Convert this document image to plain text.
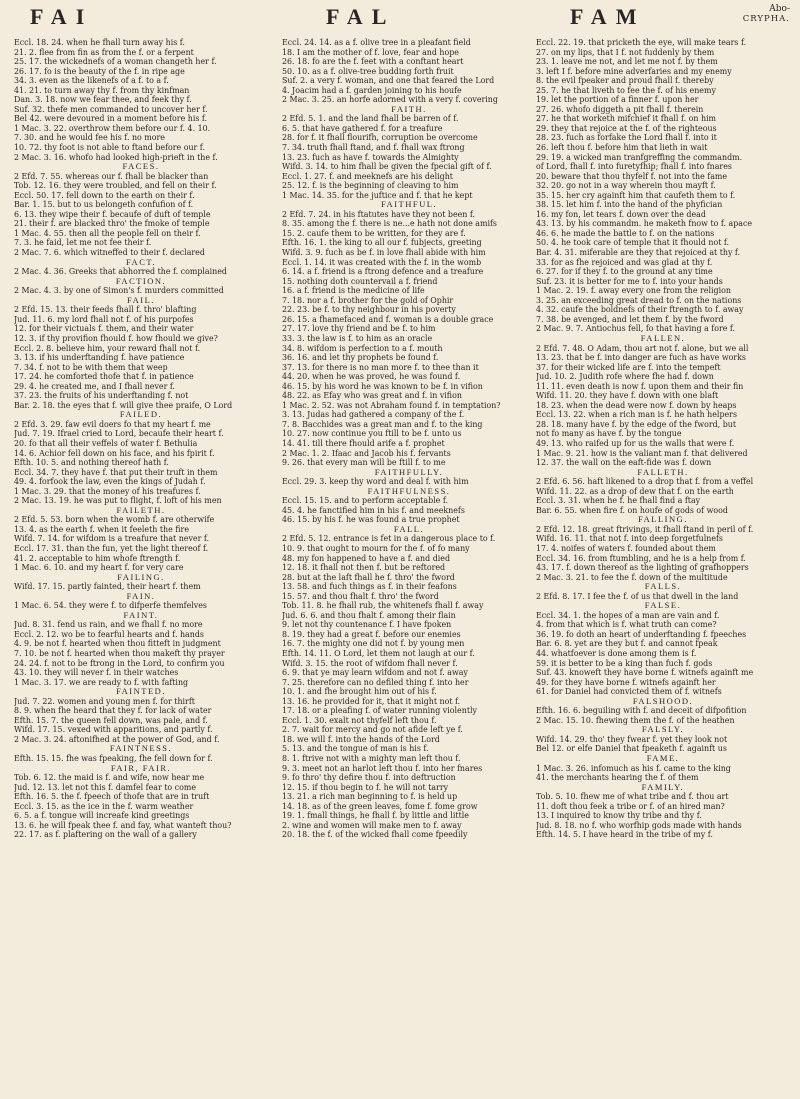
FAI	FAL	FAM	Abo-
CRYPHA.
Eccl. 18. 24. when he fhall turn away his f.
21. 2. flee from fin as from the f. or a ferpent
25. 17. the wickednefs of a woman changeth her f.
26. 17. fo is the beauty of the f. in ripe age
34. 3. even as the likenefs of a f. to a f.
41. 21. to turn away thy f. from thy kinfman
Dan. 3. 18. now we fear thee, and feek thy f.
Suf. 32. thefe men commanded to uncover her f.
Bel 42. were devoured in a moment before his f.
1 Mac. 3. 22. overthrow them before our f. 4. 10.
7. 30. and he would fee his f. no more
10. 72. thy foot is not able to ftand before our f.
2 Mac. 3. 16. whofo had looked high-prieft in the f.
FACES.
2 Efd. 7. 55. whereas our f. fhall be blacker than
Tob. 12. 16. they were troubled, and fell on their f.
Eccl. 50. 17. fell down to the earth on their f.
Bar. 1. 15. but to us belongeth confufion of f.
6. 13. they wipe their f. becaufe of duft of temple
21. their f. are blacked thro' the fmoke of temple
1 Mac. 4. 55. then all the people fell on their f.
7. 3. he faid, let me not fee their f.
2 Mac. 7. 6. which witneffed to their f. declared
FACT.
2 Mac. 4. 36. Greeks that abhorred the f. complained
FACTION.
2 Mac. 4. 3. by one of Simon's f. murders committed
FAIL.
2 Efd. 15. 13. their feeds fhall f. thro' blafting
Jud. 11. 6. my lord fhall not f. of his purpofes
12. for their victuals f. them, and their water
12. 3. if thy provifion fhould f. how fhould we give?
Eccl. 2. 8. believe him, your reward fhall not f.
3. 13. if his underftanding f. have patience
7. 34. f. not to be with them that weep
17. 24. he comforted thofe that f. in patience
29. 4. he created me, and I fhall never f.
37. 23. the fruits of his underftanding f. not
Bar. 2. 18. the eyes that f. will give thee praife, O Lord
FAILED.
2 Efd. 3. 29. faw evil doers fo that my heart f. me
Jud. 7. 19. Ifrael cried to Lord, becaufe their heart f.
20. fo that all their veffels of water f. Bethulia
14. 6. Achior fell down on his face, and his fpirit f.
Efth. 10. 5. and nothing thereof hath f.
Eccl. 34. 7. they have f. that put their truft in them
49. 4. forfook the law, even the kings of Judah f.
1 Mac. 3. 29. that the money of his treafures f.
2 Mac. 13. 19. he was put to flight, f. loft of his men
FAILETH.
2 Efd. 5. 53. born when the womb f. are otherwife
13. 4. as the earth f. when it feeleth the fire
Wifd. 7. 14. for wifdom is a treafure that never f.
Eccl. 17. 31. than the fun, yet the light thereof f.
41. 2. acceptable to him whofe ftrength f.
1 Mac. 6. 10. and my heart f. for very care
FAILING.
Wifd. 17. 15. partly fainted, their heart f. them
FAIN.
1 Mac. 6. 54. they were f. to difperfe themfelves
FAINT.
Jud. 8. 31. fend us rain, and we fhall f. no more
Eccl. 2. 12. wo be to fearful hearts and f. hands
4. 9. be not f. hearted when thou fitteft in judgment
7. 10. be not f. hearted when thou makeft thy prayer
24. 24. f. not to be ftrong in the Lord, to confirm you
43. 10. they will never f. in their watches
1 Mac. 3. 17. we are ready to f. with fafting
FAINTED.
Jud. 7. 22. women and young men f. for thirft
8. 9. when fhe heard that they f. for lack of water
Efth. 15. 7. the queen fell down, was pale, and f.
Wifd. 17. 15. vexed with apparitions, and partly f.
2 Mac. 3. 24. aftonifhed at the power of God, and f.
FAINTNESS.
Efth. 15. 15. fhe was fpeaking, fhe fell down for f.
FAIR, FAIR.
Tob. 6. 12. the maid is f. and wife, now hear me
Jud. 12. 13. let not this f. damfel fear to come
Efth. 16. 5. the f. fpeech of thofe that are in truft
Eccl. 3. 15. as the ice in the f. warm weather
6. 5. a f. tongue will increafe kind greetings
13. 6. he will fpeak thee f. and fay, what wanteft thou?
22. 17. as f. plaftering on the wall of a gallery
Eccl. 24. 14. as a f. olive tree in a pleafant field
18. I am the mother of f. love, fear and hope
26. 18. fo are the f. feet with a conftant heart
50. 10. as a f. olive-tree budding forth fruit
Suf. 2. a very f. woman, and one that feared the Lord
4. Joacim had a f. garden joining to his houfe
2 Mac. 3. 25. an horfe adorned with a very f. covering
FAITH.
2 Efd. 5. 1. and the land fhall be barren of f.
6. 5. that have gathered f. for a treafure
28. for f. it fhall flourifh, corruption be overcome
7. 34. truth fhall ftand, and f. fhall wax ftrong
13. 23. fuch as have f. towards the Almighty
Wifd. 3. 14. to him fhall be given the fpecial gift of f.
Eccl. 1. 27. f. and meeknefs are his delight
25. 12. f. is the beginning of cleaving to him
1 Mac. 14. 35. for the juftice and f. that he kept
FAITHFUL.
2 Efd. 7. 24. in his ftatutes have they not been f.
8. 35. among the f. there is ne...e hath not done amifs
15. 2. caufe them to be written, for they are f.
Efth. 16. 1. the king to all our f. fubjects, greeting
Wifd. 3. 9. fuch as be f. in love fhall abide with him
Eccl. 1. 14. it was created with the f. in the womb
6. 14. a f. friend is a ftrong defence and a treafure
15. nothing doth countervail a f. friend
16. a f. friend is the medicine of life
7. 18. nor a f. brother for the gold of Ophir
22. 23. be f. to thy neighbour in his poverty
26. 15. a fhamefaced and f. woman is a double grace
27. 17. love thy friend and be f. to him
33. 3. the law is f. to him as an oracle
34. 8. wifdom is perfection to a f. mouth
36. 16. and let thy prophets be found f.
37. 13. for there is no man more f. to thee than it
44. 20. when he was proved, he was found f.
46. 15. by his word he was known to be f. in vifion
48. 22. as Efay who was great and f. in vifion
1 Mac. 2. 52. was not Abraham found f. in temptation?
3. 13. Judas had gathered a company of the f.
7. 8. Bacchides was a great man and f. to the king
10. 27. now continue you ftill to be f. unto us
14. 41. till there fhould arife a f. prophet
2 Mac. 1. 2. Ifaac and Jacob his f. fervants
9. 26. that every man will be ftill f. to me
FAITHFULLY.
Eccl. 29. 3. keep thy word and deal f. with him
FAITHFULNESS.
Eccl. 15. 15. and to perform acceptable f.
45. 4. he fanctified him in his f. and meeknefs
46. 15. by his f. he was found a true prophet
FALL.
2 Efd. 5. 12. entrance is fet in a dangerous place to f.
10. 9. that ought to mourn for the f. of fo many
48. my fon happened to have a f. and died
12. 18. it fhall not then f. but be reftored
28. but at the laft fhall he f. thro' the fword
13. 58. and fuch things as f. in their feafons
15. 57. and thou fhalt f. thro' the fword
Tob. 11. 8. he fhall rub, the whitenefs fhall f. away
Jud. 6. 6. and thou fhalt f. among their flain
9. let not thy countenance f. I have fpoken
8. 19. they had a great f. before our enemies
16. 7. the mighty one did not f. by young men
Efth. 14. 11. O Lord, let them not laugh at our f.
Wifd. 3. 15. the root of wifdom fhall never f.
6. 9. that ye may learn wifdom and not f. away
7. 25. therefore can no defiled thing f. into her
10. 1. and fhe brought him out of his f.
13. 16. he provided for it, that it might not f.
17. 18. or a pleafing f. of water running violently
Eccl. 1. 30. exalt not thyfelf left thou f.
2. 7. wait for mercy and go not afide left ye f.
18. we will f. into the hands of the Lord
5. 13. and the tongue of man is his f.
8. 1. ftrive not with a mighty man left thou f.
9. 3. meet not an harlot left thou f. into her fnares
9. fo thro' thy defire thou f. into deftruction
12. 15. if thou begin to f. he will not tarry
13. 21. a rich man beginning to f. is held up
14. 18. as of the green leaves, fome f. fome grow
19. 1. fmall things, he fhall f. by little and little
2. wine and women will make men to f. away
20. 18. the f. of the wicked fhall come fpeedily
Eccl. 22. 19. that pricketh the eye, will make tears f.
27. on my lips, that I f. not fuddenly by them
23. 1. leave me not, and let me not f. by them
3. left I f. before mine adverfaries and my enemy
8. the evil fpeaker and proud fhall f. thereby
25. 7. he that liveth to fee the f. of his enemy
19. let the portion of a finner f. upon her
27. 26. whofo diggeth a pit fhall f. therein
27. he that worketh mifchief it fhall f. on him
29. they that rejoice at the f. of the righteous
28. 23. fuch as forfake the Lord fhall f. into it
26. left thou f. before him that lieth in wait
29. 19. a wicked man tranfgreffing the commandm.
of Lord, fhall f. into furetyfhip; fhall f. into fnares
20. beware that thou thyfelf f. not into the fame
32. 20. go not in a way wherein thou mayft f.
35. 15. her cry againft him that caufeth them to f.
38. 15. let him f. into the hand of the phyfician
16. my fon, let tears f. down over the dead
43. 13. by his commandm. he maketh fnow to f. apace
46. 6. he made the battle to f. on the nations
50. 4. he took care of temple that it fhould not f.
Bar. 4. 31. miferable are they that rejoiced at thy f.
33. for as fhe rejoiced and was glad at thy f.
6. 27. for if they f. to the ground at any time
Suf. 23. it is better for me to f. into your hands
1 Mac. 2. 19. f. away every one from the religion
3. 25. an exceeding great dread to f. on the nations
4. 32. caufe the boldnefs of their ftrength to f. away
7. 38. be avenged, and let them f. by the fword
2 Mac. 9. 7. Antiochus fell, fo that having a fore f.
FALLEN.
2 Efd. 7. 48. O Adam, thou art not f. alone, but we all
13. 23. that be f. into danger are fuch as have works
37. for their wicked life are f. into the tempeft
Jud. 10. 2. Judith rofe where fhe had f. down
11. 11. even death is now f. upon them and their fin
Wifd. 11. 20. they have f. down with one blaft
18. 23. when the dead were now f. down by heaps
Eccl. 13. 22. when a rich man is f. he hath helpers
28. 18. many have f. by the edge of the fword, but
not fo many as have f. by the tongue
49. 13. who raifed up for us the walls that were f.
1 Mac. 9. 21. how is the valiant man f. that delivered
12. 37. the wall on the eaft-fide was f. down
FALLETH.
2 Efd. 6. 56. haft likened to a drop that f. from a veffel
Wifd. 11. 22. as a drop of dew that f. on the earth
Eccl. 3. 31. when he f. he fhall find a ftay
Bar. 6. 55. when fire f. on houfe of gods of wood
FALLING.
2 Efd. 12. 18. great ftrivings, it fhall ftand in peril of f.
Wifd. 16. 11. that not f. into deep forgetfulnefs
17. 4. noifes of waters f. founded about them
Eccl. 34. 16. from ftumbling, and he is a help from f.
43. 17. f. down thereof as the lighting of grafhoppers
2 Mac. 3. 21. to fee the f. down of the multitude
FALLS.
2 Efd. 8. 17. I fee the f. of us that dwell in the land
FALSE.
Eccl. 34. 1. the hopes of a man are vain and f.
4. from that which is f. what truth can come?
36. 19. fo doth an heart of underftanding f. fpeeches
Bar. 6. 8. yet are they but f. and cannot fpeak
44. whatfoever is done among them is f.
59. it is better to be a king than fuch f. gods
Suf. 43. knoweft they have borne f. witnefs againft me
49. for they have borne f. witnefs againft her
61. for Daniel had convicted them of f. witnefs
FALSHOOD.
Efth. 16. 6. beguiling with f. and deceit of difpofition
2 Mac. 15. 10. fhewing them the f. of the heathen
FALSLY.
Wifd. 14. 29. tho' they fwear f. yet they look not
Bel 12. or elfe Daniel that fpeaketh f. againft us
FAME.
1 Mac. 3. 26. infomuch as his f. came to the king
41. the merchants hearing the f. of them
FAMILY.
Tob. 5. 10. fhew me of what tribe and f. thou art
11. doft thou feek a tribe or f. of an hired man?
13. I inquired to know thy tribe and thy f.
Jud. 8. 18. no f. who worfhip gods made with hands
Efth. 14. 5. I have heard in the tribe of my f.
